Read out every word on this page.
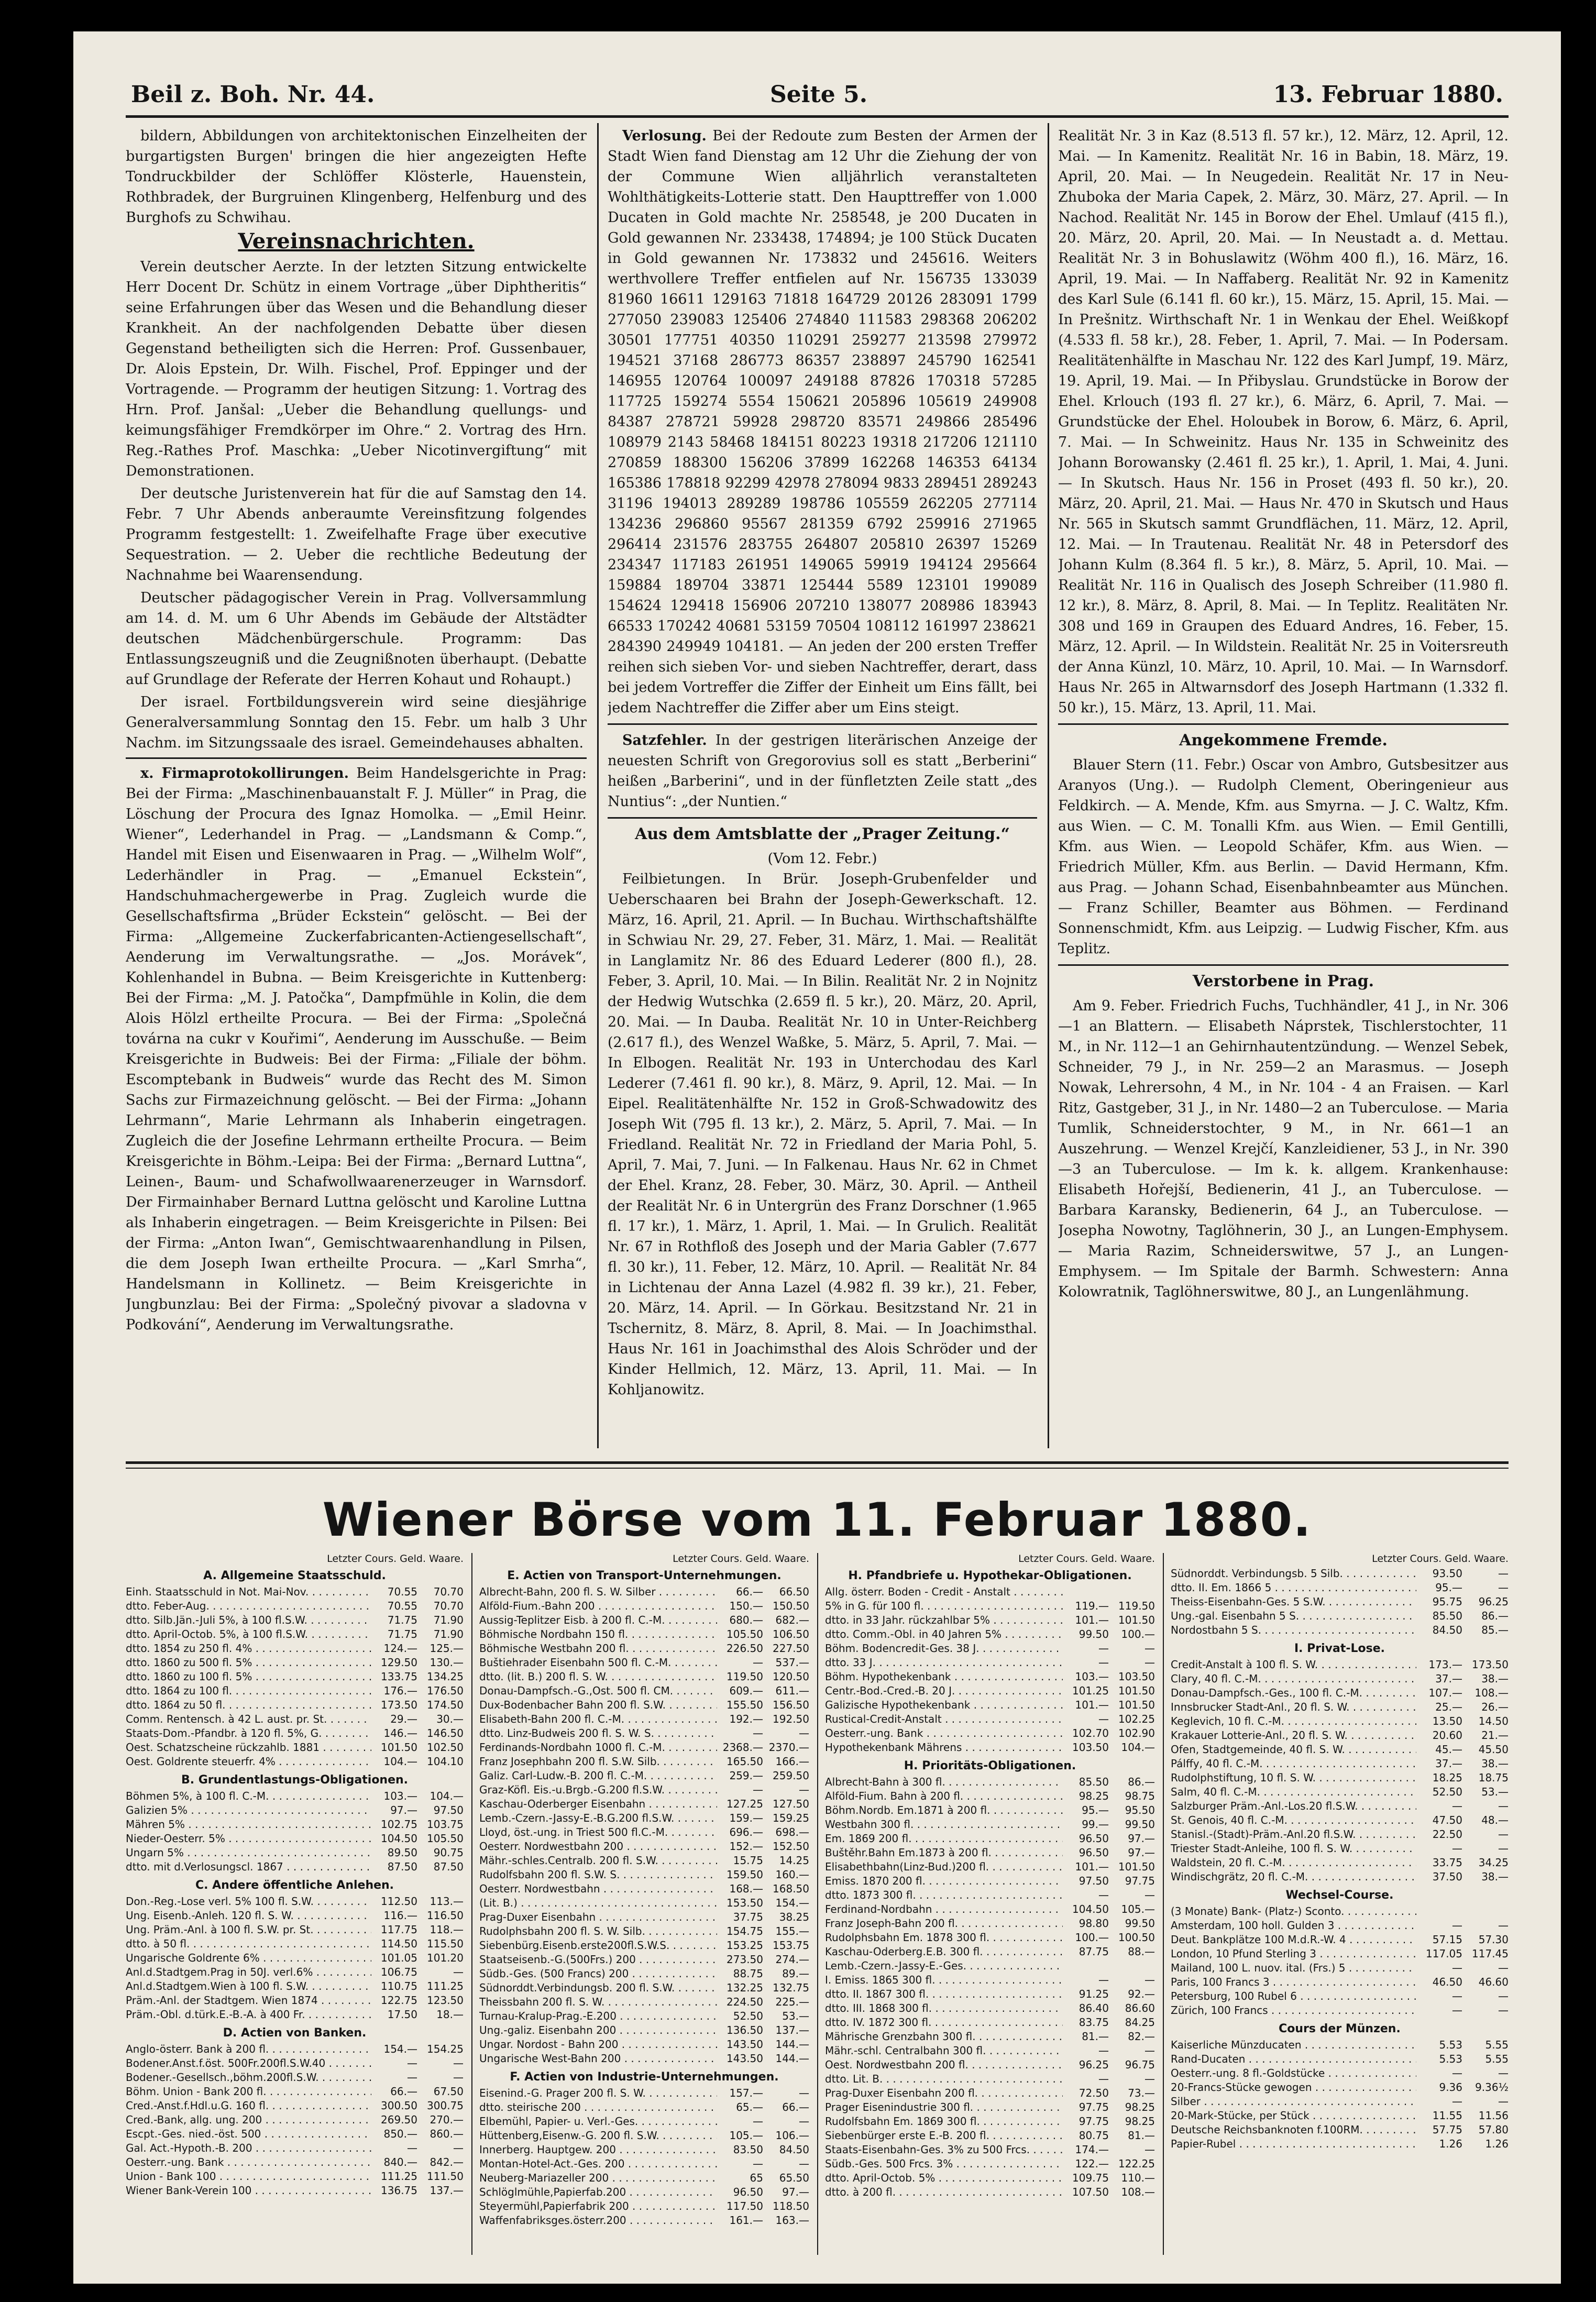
Beil z. Boh. Nr. 44.	Seite 5.	13. Februar 1880.

bildern, Abbildungen von architektonischen Einzelheiten der burgartigsten Burgen' bringen die hier angezeigten Hefte Tondruckbilder der Schlöffer Klösterle, Hauenstein, Rothbradek, der Burgruinen Klingenberg, Helfenburg und des Burghofs zu Schwihau.

Vereinsnachrichten.

Verein deutscher Aerzte. In der letzten Sitzung entwickelte Herr Docent Dr. Schütz in einem Vortrage „über Diphtheritis“ seine Erfahrungen über das Wesen und die Behandlung dieser Krankheit. An der nachfolgenden Debatte über diesen Gegenstand betheiligten sich die Herren: Prof. Gussenbauer, Dr. Alois Epstein, Dr. Wilh. Fischel, Prof. Eppinger und der Vortragende. — Programm der heutigen Sitzung: 1. Vortrag des Hrn. Prof. Janšal: „Ueber die Behandlung quellungs- und keimungsfähiger Fremdkörper im Ohre.“ 2. Vortrag des Hrn. Reg.-Rathes Prof. Maschka: „Ueber Nicotinvergiftung“ mit Demonstrationen.

Der deutsche Juristenverein hat für die auf Samstag den 14. Febr. 7 Uhr Abends anberaumte Vereinsfitzung folgendes Programm festgestellt: 1. Zweifelhafte Frage über executive Sequestration. — 2. Ueber die rechtliche Bedeutung der Nachnahme bei Waarensendung.

Deutscher pädagogischer Verein in Prag. Vollversammlung am 14. d. M. um 6 Uhr Abends im Gebäude der Altstädter deutschen Mädchenbürgerschule. Programm: Das Entlassungszeugniß und die Zeugnißnoten überhaupt. (Debatte auf Grundlage der Referate der Herren Kohaut und Rohaupt.)

Der israel. Fortbildungsverein wird seine diesjährige Generalversammlung Sonntag den 15. Febr. um halb 3 Uhr Nachm. im Sitzungssaale des israel. Gemeindehauses abhalten.

x. Firmaprotokollirungen. Beim Handelsgerichte in Prag: Bei der Firma: „Maschinenbauanstalt F. J. Müller“ in Prag, die Löschung der Procura des Ignaz Homolka. — „Emil Heinr. Wiener“, Lederhandel in Prag. — „Landsmann & Comp.“, Handel mit Eisen und Eisenwaaren in Prag. — „Wilhelm Wolf“, Lederhändler in Prag. — „Emanuel Eckstein“, Handschuhmachergewerbe in Prag. Zugleich wurde die Gesellschaftsfirma „Brüder Eckstein“ gelöscht. — Bei der Firma: „Allgemeine Zuckerfabricanten-Actiengesellschaft“, Aenderung im Verwaltungsrathe. — „Jos. Morávek“, Kohlenhandel in Bubna. — Beim Kreisgerichte in Kuttenberg: Bei der Firma: „M. J. Patočka“, Dampfmühle in Kolin, die dem Alois Hölzl ertheilte Procura. — Bei der Firma: „Společná továrna na cukr v Kouřimi“, Aenderung im Ausschuße. — Beim Kreisgerichte in Budweis: Bei der Firma: „Filiale der böhm. Escomptebank in Budweis“ wurde das Recht des M. Simon Sachs zur Firmazeichnung gelöscht. — Bei der Firma: „Johann Lehrmann“, Marie Lehrmann als Inhaberin eingetragen. Zugleich die der Josefine Lehrmann ertheilte Procura. — Beim Kreisgerichte in Böhm.-Leipa: Bei der Firma: „Bernard Luttna“, Leinen-, Baum- und Schafwollwaarenerzeuger in Warnsdorf. Der Firmainhaber Bernard Luttna gelöscht und Karoline Luttna als Inhaberin eingetragen. — Beim Kreisgerichte in Pilsen: Bei der Firma: „Anton Iwan“, Gemischtwaarenhandlung in Pilsen, die dem Joseph Iwan ertheilte Procura. — „Karl Smrha“, Handelsmann in Kollinetz. — Beim Kreisgerichte in Jungbunzlau: Bei der Firma: „Společný pivovar a sladovna v Podkování“, Aenderung im Verwaltungsrathe.

Verlosung. Bei der Redoute zum Besten der Armen der Stadt Wien fand Dienstag am 12 Uhr die Ziehung der von der Commune Wien alljährlich veranstalteten Wohlthätigkeits-Lotterie statt. Den Haupttreffer von 1.000 Ducaten in Gold machte Nr. 258548, je 200 Ducaten in Gold gewannen Nr. 233438, 174894; je 100 Stück Ducaten in Gold gewannen Nr. 173832 und 245616. Weiters werthvollere Treffer entfielen auf Nr. 156735 133039 81960 16611 129163 71818 164729 20126 283091 1799 277050 239083 125406 274840 111583 298368 206202 30501 177751 40350 110291 259277 213598 279972 194521 37168 286773 86357 238897 245790 162541 146955 120764 100097 249188 87826 170318 57285 117725 159274 5554 150621 205896 105619 249908 84387 278721 59928 298720 83571 249866 285496 108979 2143 58468 184151 80223 19318 217206 121110 270859 188300 156206 37899 162268 146353 64134 165386 178818 92299 42978 278094 9833 289451 289243 31196 194013 289289 198786 105559 262205 277114 134236 296860 95567 281359 6792 259916 271965 296414 231576 283755 264807 205810 26397 15269 234347 117183 261951 149065 59919 194124 295664 159884 189704 33871 125444 5589 123101 199089 154624 129418 156906 207210 138077 208986 183943 66533 170242 40681 53159 70504 108112 161997 238621 284390 249949 104181. — An jeden der 200 ersten Treffer reihen sich sieben Vor- und sieben Nachtreffer, derart, dass bei jedem Vortreffer die Ziffer der Einheit um Eins fällt, bei jedem Nachtreffer die Ziffer aber um Eins steigt.

Satzfehler. In der gestrigen literärischen Anzeige der neuesten Schrift von Gregorovius soll es statt „Berberini“ heißen „Barberini“, und in der fünfletzten Zeile statt „des Nuntius“: „der Nuntien.“

Aus dem Amtsblatte der „Prager Zeitung.“
(Vom 12. Febr.)

Feilbietungen. In Brür. Joseph-Grubenfelder und Ueberschaaren bei Brahn der Joseph-Gewerkschaft. 12. März, 16. April, 21. April. — In Buchau. Wirthschaftshälfte in Schwiau Nr. 29, 27. Feber, 31. März, 1. Mai. — Realität in Langlamitz Nr. 86 des Eduard Lederer (800 fl.), 28. Feber, 3. April, 10. Mai. — In Bilin. Realität Nr. 2 in Nojnitz der Hedwig Wutschka (2.659 fl. 5 kr.), 20. März, 20. April, 20. Mai. — In Dauba. Realität Nr. 10 in Unter-Reichberg (2.617 fl.), des Wenzel Waßke, 5. März, 5. April, 7. Mai. — In Elbogen. Realität Nr. 193 in Unterchodau des Karl Lederer (7.461 fl. 90 kr.), 8. März, 9. April, 12. Mai. — In Eipel. Realitätenhälfte Nr. 152 in Groß-Schwadowitz des Joseph Wit (795 fl. 13 kr.), 2. März, 5. April, 7. Mai. — In Friedland. Realität Nr. 72 in Friedland der Maria Pohl, 5. April, 7. Mai, 7. Juni. — In Falkenau. Haus Nr. 62 in Chmet der Ehel. Kranz, 28. Feber, 30. März, 30. April. — Antheil der Realität Nr. 6 in Untergrün des Franz Dorschner (1.965 fl. 17 kr.), 1. März, 1. April, 1. Mai. — In Grulich. Realität Nr. 67 in Rothfloß des Joseph und der Maria Gabler (7.677 fl. 30 kr.), 11. Feber, 12. März, 10. April. — Realität Nr. 84 in Lichtenau der Anna Lazel (4.982 fl. 39 kr.), 21. Feber, 20. März, 14. April. — In Görkau. Besitzstand Nr. 21 in Tschernitz, 8. März, 8. April, 8. Mai. — In Joachimsthal. Haus Nr. 161 in Joachimsthal des Alois Schröder und der Kinder Hellmich, 12. März, 13. April, 11. Mai. — In Kohljanowitz.

Realität Nr. 3 in Kaz (8.513 fl. 57 kr.), 12. März, 12. April, 12. Mai. — In Kamenitz. Realität Nr. 16 in Babin, 18. März, 19. April, 20. Mai. — In Neugedein. Realität Nr. 17 in Neu-Zhuboka der Maria Capek, 2. März, 30. März, 27. April. — In Nachod. Realität Nr. 145 in Borow der Ehel. Umlauf (415 fl.), 20. März, 20. April, 20. Mai. — In Neustadt a. d. Mettau. Realität Nr. 3 in Bohuslawitz (Wöhm 400 fl.), 16. März, 16. April, 19. Mai. — In Naffaberg. Realität Nr. 92 in Kamenitz des Karl Sule (6.141 fl. 60 kr.), 15. März, 15. April, 15. Mai. — In Prešnitz. Wirthschaft Nr. 1 in Wenkau der Ehel. Weißkopf (4.533 fl. 58 kr.), 28. Feber, 1. April, 7. Mai. — In Podersam. Realitätenhälfte in Maschau Nr. 122 des Karl Jumpf, 19. März, 19. April, 19. Mai. — In Přibyslau. Grundstücke in Borow der Ehel. Krlouch (193 fl. 27 kr.), 6. März, 6. April, 7. Mai. — Grundstücke der Ehel. Holoubek in Borow, 6. März, 6. April, 7. Mai. — In Schweinitz. Haus Nr. 135 in Schweinitz des Johann Borowansky (2.461 fl. 25 kr.), 1. April, 1. Mai, 4. Juni. — In Skutsch. Haus Nr. 156 in Proset (493 fl. 50 kr.), 20. März, 20. April, 21. Mai. — Haus Nr. 470 in Skutsch und Haus Nr. 565 in Skutsch sammt Grundflächen, 11. März, 12. April, 12. Mai. — In Trautenau. Realität Nr. 48 in Petersdorf des Johann Kulm (8.364 fl. 5 kr.), 8. März, 5. April, 10. Mai. — Realität Nr. 116 in Qualisch des Joseph Schreiber (11.980 fl. 12 kr.), 8. März, 8. April, 8. Mai. — In Teplitz. Realitäten Nr. 308 und 169 in Graupen des Eduard Andres, 16. Feber, 15. März, 12. April. — In Wildstein. Realität Nr. 25 in Voitersreuth der Anna Künzl, 10. März, 10. April, 10. Mai. — In Warnsdorf. Haus Nr. 265 in Altwarnsdorf des Joseph Hartmann (1.332 fl. 50 kr.), 15. März, 13. April, 11. Mai.

Angekommene Fremde.

Blauer Stern (11. Febr.) Oscar von Ambro, Gutsbesitzer aus Aranyos (Ung.). — Rudolph Clement, Oberingenieur aus Feldkirch. — A. Mende, Kfm. aus Smyrna. — J. C. Waltz, Kfm. aus Wien. — C. M. Tonalli Kfm. aus Wien. — Emil Gentilli, Kfm. aus Wien. — Leopold Schäfer, Kfm. aus Wien. — Friedrich Müller, Kfm. aus Berlin. — David Hermann, Kfm. aus Prag. — Johann Schad, Eisenbahnbeamter aus München. — Franz Schiller, Beamter aus Böhmen. — Ferdinand Sonnenschmidt, Kfm. aus Leipzig. — Ludwig Fischer, Kfm. aus Teplitz.

Verstorbene in Prag.

Am 9. Feber. Friedrich Fuchs, Tuchhändler, 41 J., in Nr. 306—1 an Blattern. — Elisabeth Náprstek, Tischlerstochter, 11 M., in Nr. 112—1 an Gehirnhautentzündung. — Wenzel Sebek, Schneider, 79 J., in Nr. 259—2 an Marasmus. — Joseph Nowak, Lehrersohn, 4 M., in Nr. 104 - 4 an Fraisen. — Karl Ritz, Gastgeber, 31 J., in Nr. 1480—2 an Tuberculose. — Maria Tumlik, Schneiderstochter, 9 M., in Nr. 661—1 an Auszehrung. — Wenzel Krejčí, Kanzleidiener, 53 J., in Nr. 390—3 an Tuberculose. — Im k. k. allgem. Krankenhause: Elisabeth Hořejší, Bedienerin, 41 J., an Tuberculose. — Barbara Karansky, Bedienerin, 64 J., an Tuberculose. — Josepha Nowotny, Taglöhnerin, 30 J., an Lungen-Emphysem. — Maria Razim, Schneiderswitwe, 57 J., an Lungen-Emphysem. — Im Spitale der Barmh. Schwestern: Anna Kolowratnik, Taglöhnerswitwe, 80 J., an Lungenlähmung.

Wiener Börse vom 11. Februar 1880.
Letzter Cours. Geld. Waare.
A. Allgemeine Staatsschuld.
Einh. Staatsschuld in Not. Mai-Nov. . . .	70.55	70.70
dtto. Feber-Aug. . . .	70.55	70.70
dtto. Silb.Jän.-Juli 5%, à 100 fl.S.W. . . .	71.75	71.90
dtto. April-Octob. 5%, à 100 fl.S.W. . . .	71.75	71.90
dtto. 1854 zu 250 fl. 4% . . .	124.—	125.—
dtto. 1860 zu 500 fl. 5% . . .	129.50	130.—
dtto. 1860 zu 100 fl. 5% . . .	133.75 134.25
dtto. 1864 zu 100 fl. . . .	176.— 176.50
dtto. 1864 zu 50 fl. . . .	173.50 174.50
Comm. Rentensch. à 42 L. aust. pr. St. . . .	29.—	30.—
Staats-Dom.-Pfandbr. à 120 fl. 5%, G. . . .	146.— 146.50
Oest. Schatzscheine rückzahlb. 1881 . . .	101.50 102.50
Oest. Goldrente steuerfr. 4% . . .	104.— 104.10
B. Grundentlastungs-Obligationen.
Böhmen 5%, à 100 fl. C.-M. . . .	103.—	104.—
Galizien 5% . . .	97.—	97.50
Mähren 5% . . .	102.75 103.75
Nieder-Oesterr. 5% . . .	104.50 105.50
Ungarn 5% . . .	89.50	90.75
dtto. mit d.Verlosungscl. 1867 . . .	87.50	87.50
C. Andere öffentliche Anlehen.
Don.-Reg.-Lose verl. 5% 100 fl. S.W. . . .	112.50	113.—
Ung. Eisenb.-Anleh. 120 fl. S. W. . . .	116.— 116.50
Ung. Präm.-Anl. à 100 fl. S.W. pr. St. . . .	117.75	118.—
dtto. à 50 fl. . . .	114.50 115.50
Ungarische Goldrente 6% . . .	101.05 101.20
Anl.d.Stadtgem.Prag in 50J. verl.6% . . .	106.75	—
Anl.d.Stadtgem.Wien à 100 fl. S.W. . . .	110.75 111.25
Präm.-Anl. der Stadtgem. Wien 1874 . . .	122.75 123.50
Präm.-Obl. d.türk.E.-B.-A. à 400 Fr. . . .	17.50	18.—
D. Actien von Banken.
Anglo-österr. Bank à 200 fl. . . .	154.— 154.25
Bodener.Anst.f.öst. 500Fr.200fl.S.W.40 . . .	—	—
Bodener.-Gesellsch.,böhm.200fl.S.W. . . .	—	—
Böhm. Union - Bank 200 fl. . . .	66.—	67.50
Cred.-Anst.f.Hdl.u.G. 160 fl. . . .	300.50 300.75
Cred.-Bank, allg. ung. 200 . . .	269.50	270.—
Escpt.-Ges. nied.-öst. 500 . . .	850.—	860.—
Gal. Act.-Hypoth.-B. 200 . . .	—	—
Oesterr.-ung. Bank . . .	840.—	842.—
Union - Bank 100 . . .	111.25 111.50
Wiener Bank-Verein 100 . . .	136.75	137.—
Letzter Cours. Geld. Waare.
E. Actien von Transport-Unternehmungen.
Albrecht-Bahn, 200 fl. S. W. Silber . . .	66.—	66.50
Alföld-Fium.-Bahn 200 . . .	150.— 150.50
Aussig-Teplitzer Eisb. à 200 fl. C.-M. . . .	680.—	682.—
Böhmische Nordbahn 150 fl. . . .	105.50 106.50
Böhmische Westbahn 200 fl. . . .	226.50 227.50
Buštiehrader Eisenbahn 500 fl. C.-M. . . .	—	537.—
dtto. (lit. B.) 200 fl. S. W. . . .	119.50 120.50
Donau-Dampfsch.-G.,Ost. 500 fl. CM. . . .	609.—	611.—
Dux-Bodenbacher Bahn 200 fl. S.W. . . .	155.50 156.50
Elisabeth-Bahn 200 fl. C.-M. . . .	192.— 192.50
dtto. Linz-Budweis 200 fl. S. W. S. . . .	—	—
Ferdinands-Nordbahn 1000 fl. C.-M. . . .	2368.— 2370.—
Franz Josephbahn 200 fl. S.W. Silb. . . .	165.50	166.—
Galiz. Carl-Ludw.-B. 200 fl. C.-M. . . .	259.— 259.50
Graz-Köfl. Eis.-u.Brgb.-G.200 fl.S.W. . . .	—	—
Kaschau-Oderberger Eisenbahn . . .	127.25 127.50
Lemb.-Czern.-Jassy-E.-B.G.200 fl.S.W. . . .	159.— 159.25
Lloyd, öst.-ung. in Triest 500 fl.C.-M. . . .	696.—	698.—
Oesterr. Nordwestbahn 200 . . .	152.— 152.50
Mähr.-schles.Centralb. 200 fl. S.W. . . .	15.75	14.25
Rudolfsbahn 200 fl. S.W. S. . . .	159.50	160.—
Oesterr. Nordwestbahn . . .	168.— 168.50
(Lit. B.) . . .	153.50	154.—
Prag-Duxer Eisenbahn . . .	37.75	38.25
Rudolphsbahn 200 fl. S. W. Silb. . . .	154.75	155.—
Siebenbürg.Eisenb.erste200fl.S.W.S. . . .	153.25 153.75
Staatseisenb.-G.(500Frs.) 200 . . .	273.50	274.—
Südb.-Ges. (500 Francs) 200 . . .	88.75	89.—
Südnorddt.Verbindungsb. 200 fl. S.W. . . .	132.25 132.75
Theissbahn 200 fl. S. W. . . .	224.50	225.—
Turnau-Kralup-Prag.-E.200 . . .	52.50	53.—
Ung.-galiz. Eisenbahn 200 . . .	136.50	137.—
Ungar. Nordost - Bahn 200 . . .	143.50	144.—
Ungarische West-Bahn 200 . . .	143.50	144.—
F. Actien von Industrie-Unternehmungen.
Eisenind.-G. Prager 200 fl. S. W. . . .	157.—	—
dtto. steirische 200 . . .	65.—	66.—
Elbemühl, Papier- u. Verl.-Ges. . . .	—	—
Hüttenberg,Eisenw.-G. 200 fl. S.W. . . .	105.—	106.—
Innerberg. Hauptgew. 200 . . .	83.50	84.50
Montan-Hotel-Act.-Ges. 200 . . .	—	—
Neuberg-Mariazeller 200 . . .	65	65.50
Schlöglmühle,Papierfab.200 . . .	96.50	97.—
Steyermühl,Papierfabrik 200 . . .	117.50 118.50
Waffenfabriksges.österr.200 . . .	161.—	163.—
Letzter Cours. Geld. Waare.
H. Pfandbriefe u. Hypothekar-Obligationen.
Allg. österr. Boden - Credit - Anstalt . . .
5% in G. für 100 fl. . . .	119.— 119.50
dtto. in 33 Jahr. rückzahlbar 5% . . .	101.— 101.50
dtto. Comm.-Obl. in 40 Jahren 5% . . .	99.50	100.—
Böhm. Bodencredit-Ges. 38 J. . . .	—	—
dtto. 33 J. . . .	—	—
Böhm. Hypothekenbank . . .	103.— 103.50
Centr.-Bod.-Cred.-B. 20 J. . . .	101.25 101.50
Galizische Hypothekenbank . . .	101.— 101.50
Rustical-Credit-Anstalt . . .	— 102.25
Oesterr.-ung. Bank . . .	102.70 102.90
Hypothekenbank Mährens . . .	103.50	104.—
H. Prioritäts-Obligationen.
Albrecht-Bahn à 300 fl. . . .	85.50	86.—
Alföld-Fium. Bahn à 200 fl. . . .	98.25	98.75
Böhm.Nordb. Em.1871 à 200 fl. . . .	95.—	95.50
Westbahn 300 fl. . . .	99.—	99.50
Em. 1869 200 fl. . . .	96.50	97.—
Buštěhr.Bahn Em.1873 à 200 fl. . . .	96.50	97.—
Elisabethbahn(Linz-Bud.)200 fl. . . .	101.— 101.50
Emiss. 1870 200 fl. . . .	97.50	97.75
dtto. 1873 300 fl. . . .	—	—
Ferdinand-Nordbahn . . .	104.50	105.—
Franz Joseph-Bahn 200 fl. . . .	98.80	99.50
Rudolphsbahn Em. 1878 300 fl. . . .	100.— 100.50
Kaschau-Oderberg.E.B. 300 fl. . . .	87.75	88.—
Lemb.-Czern.-Jassy-E.-Ges. . . .
I. Emiss. 1865 300 fl. . . .	—	—
dtto. II. 1867 300 fl. . . .	91.25	92.—
dtto. III. 1868 300 fl. . . .	86.40	86.60
dtto. IV. 1872 300 fl. . . .	83.75	84.25
Mährische Grenzbahn 300 fl. . . .	81.—	82.—
Mähr.-schl. Centralbahn 300 fl. . . .	—	—
Oest. Nordwestbahn 200 fl. . . .	96.25	96.75
dtto. Lit. B. . . .	—	—
Prag-Duxer Eisenbahn 200 fl. . . .	72.50	73.—
Prager Eisenindustrie 300 fl. . . .	97.75	98.25
Rudolfsbahn Em. 1869 300 fl. . . .	97.75	98.25
Siebenbürger erste E.-B. 200 fl. . . .	80.75	81.—
Staats-Eisenbahn-Ges. 3% zu 500 Frcs. . . .	174.—	—
Südb.-Ges. 500 Frcs. 3% . . .	122.— 122.25
dtto. April-Octob. 5% . . .	109.75	110.—
dtto. à 200 fl. . . .	107.50	108.—
Letzter Cours. Geld. Waare.
Südnorddt. Verbindungsb. 5 Silb. . . .	93.50	—
dtto. II. Em. 1866 5 . . .	95.—	—
Theiss-Eisenbahn-Ges. 5 S.W. . . .	95.75	96.25
Ung.-gal. Eisenbahn 5 S. . . .	85.50	86.—
Nordostbahn 5 S. . . .	84.50	85.—
I. Privat-Lose.
Credit-Anstalt à 100 fl. S. W. . . .	173.— 173.50
Clary, 40 fl. C.-M. . . .	37.—	38.—
Donau-Dampfsch.-Ges., 100 fl. C.-M. . . .	107.—	108.—
Innsbrucker Stadt-Anl., 20 fl. S. W. . . .	25.—	26.—
Keglevich, 10 fl. C.-M. . . .	13.50	14.50
Krakauer Lotterie-Anl., 20 fl. S. W. . . .	20.60	21.—
Ofen, Stadtgemeinde, 40 fl. S. W. . . .	45.—	45.50
Pálffy, 40 fl. C.-M. . . .	37.—	38.—
Rudolphstiftung, 10 fl. S. W. . . .	18.25	18.75
Salm, 40 fl. C.-M. . . .	52.50	53.—
Salzburger Präm.-Anl.-Los.20 fl.S.W. . . .	—	—
St. Genois, 40 fl. C.-M. . . .	47.50	48.—
Stanisl.-(Stadt)-Präm.-Anl.20 fl.S.W. . . .	22.50	—
Triester Stadt-Anleihe, 100 fl. S. W. . . .	—	—
Waldstein, 20 fl. C.-M. . . .	33.75	34.25
Windischgrätz, 20 fl. C.-M. . . .	37.50	38.—
Wechsel-Course.
(3 Monate) Bank- (Platz-) Sconto. . . .
Amsterdam, 100 holl. Gulden 3 . . .	—	—
Deut. Bankplätze 100 M.d.R.-W. 4 . . .	57.15	57.30
London, 10 Pfund Sterling 3 . . .	117.05 117.45
Mailand, 100 L. nuov. ital. (Frs.) 5 . . .	—	—
Paris, 100 Francs 3 . . .	46.50	46.60
Petersburg, 100 Rubel 6 . . .	—	—
Zürich, 100 Francs . . .	—	—
Cours der Münzen.
Kaiserliche Münzducaten . . .	5.53	5.55
Rand-Ducaten . . .	5.53	5.55
Oesterr.-ung. 8 fl.-Goldstücke . . .	—	—
20-Francs-Stücke gewogen . . .	9.36	9.36½
Silber . . .	—	—
20-Mark-Stücke, per Stück . . .	11.55	11.56
Deutsche Reichsbanknoten f.100RM. . . .	57.75	57.80
Papier-Rubel . . .	1.26	1.26
